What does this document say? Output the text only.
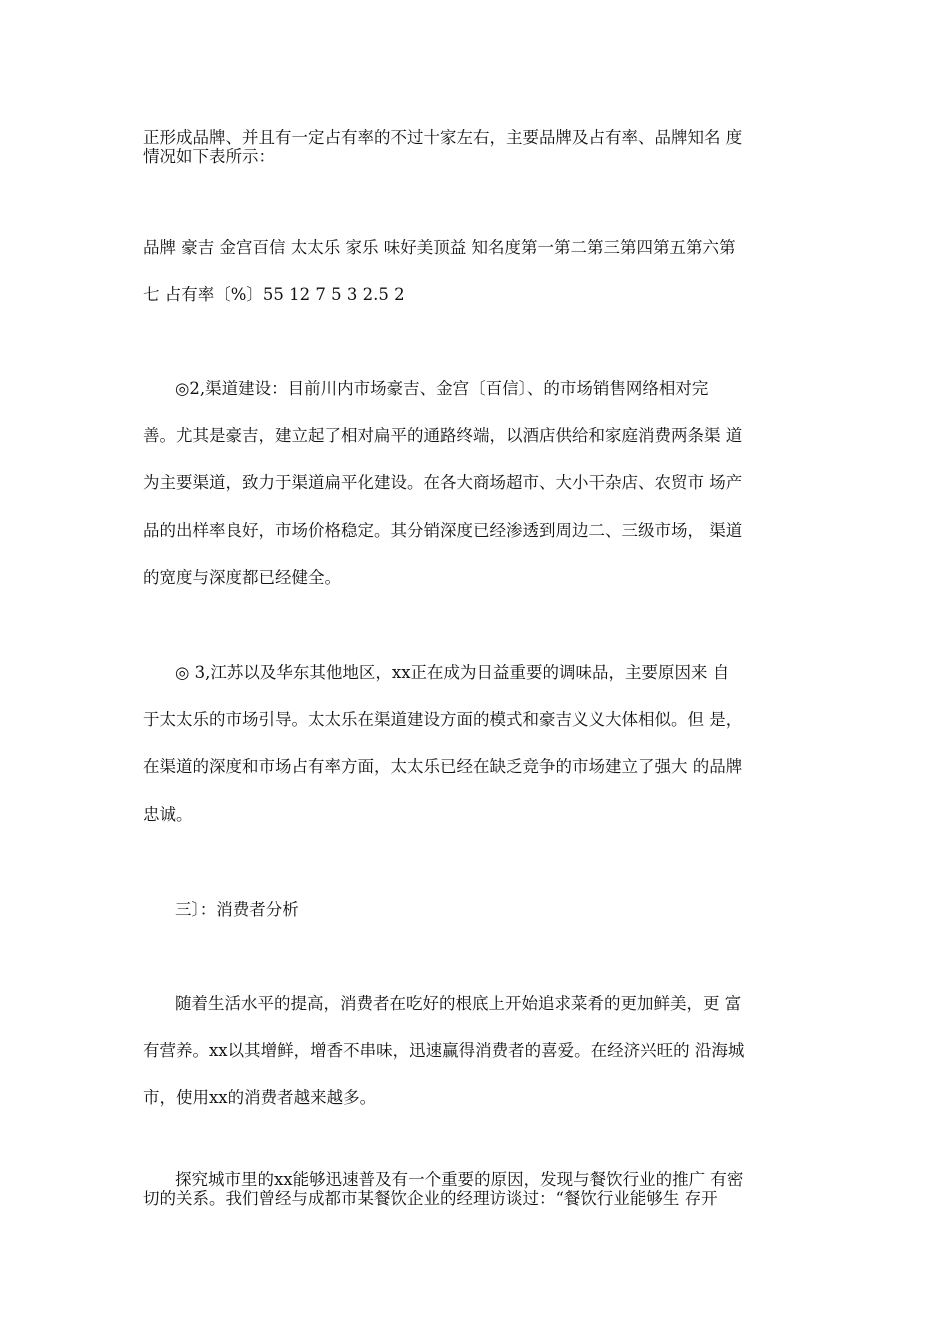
正形成品牌、并且有一定占有率的不过十家左右，主要品牌及占有率、品牌知名 度
情况如下表所示：
品牌 豪吉 金宫百信 太太乐 家乐 味好美顶益 知名度第一第二第三第四第五第六第
七 占有率〔%〕55 12 7 5 3 2.5 2
◎2,渠道建设：目前川内市场豪吉、金宫〔百信〕、的市场销售网络相对完
善。尤其是豪吉，建立起了相对扁平的通路终端，以酒店供给和家庭消费两条渠 道
为主要渠道，致力于渠道扁平化建设。在各大商场超市、大小干杂店、农贸市 场产
品的出样率良好，市场价格稳定。其分销深度已经渗透到周边二、三级市场， 渠道
的宽度与深度都已经健全。
◎ 3,江苏以及华东其他地区，xx正在成为日益重要的调味品，主要原因来 自
于太太乐的市场引导。太太乐在渠道建设方面的模式和豪吉义义大体相似。但 是，
在渠道的深度和市场占有率方面，太太乐已经在缺乏竞争的市场建立了强大 的品牌
忠诚。
三〕：消费者分析
随着生活水平的提高，消费者在吃好的根底上开始追求菜肴的更加鲜美，更 富
有营养。xx以其增鲜，增香不串味，迅速赢得消费者的喜爱。在经济兴旺的 沿海城
市，使用xx的消费者越来越多。
探究城市里的xx能够迅速普及有一个重要的原因，发现与餐饮行业的推广 有密
切的关系。我们曾经与成都市某餐饮企业的经理访谈过：“餐饮行业能够生 存开
